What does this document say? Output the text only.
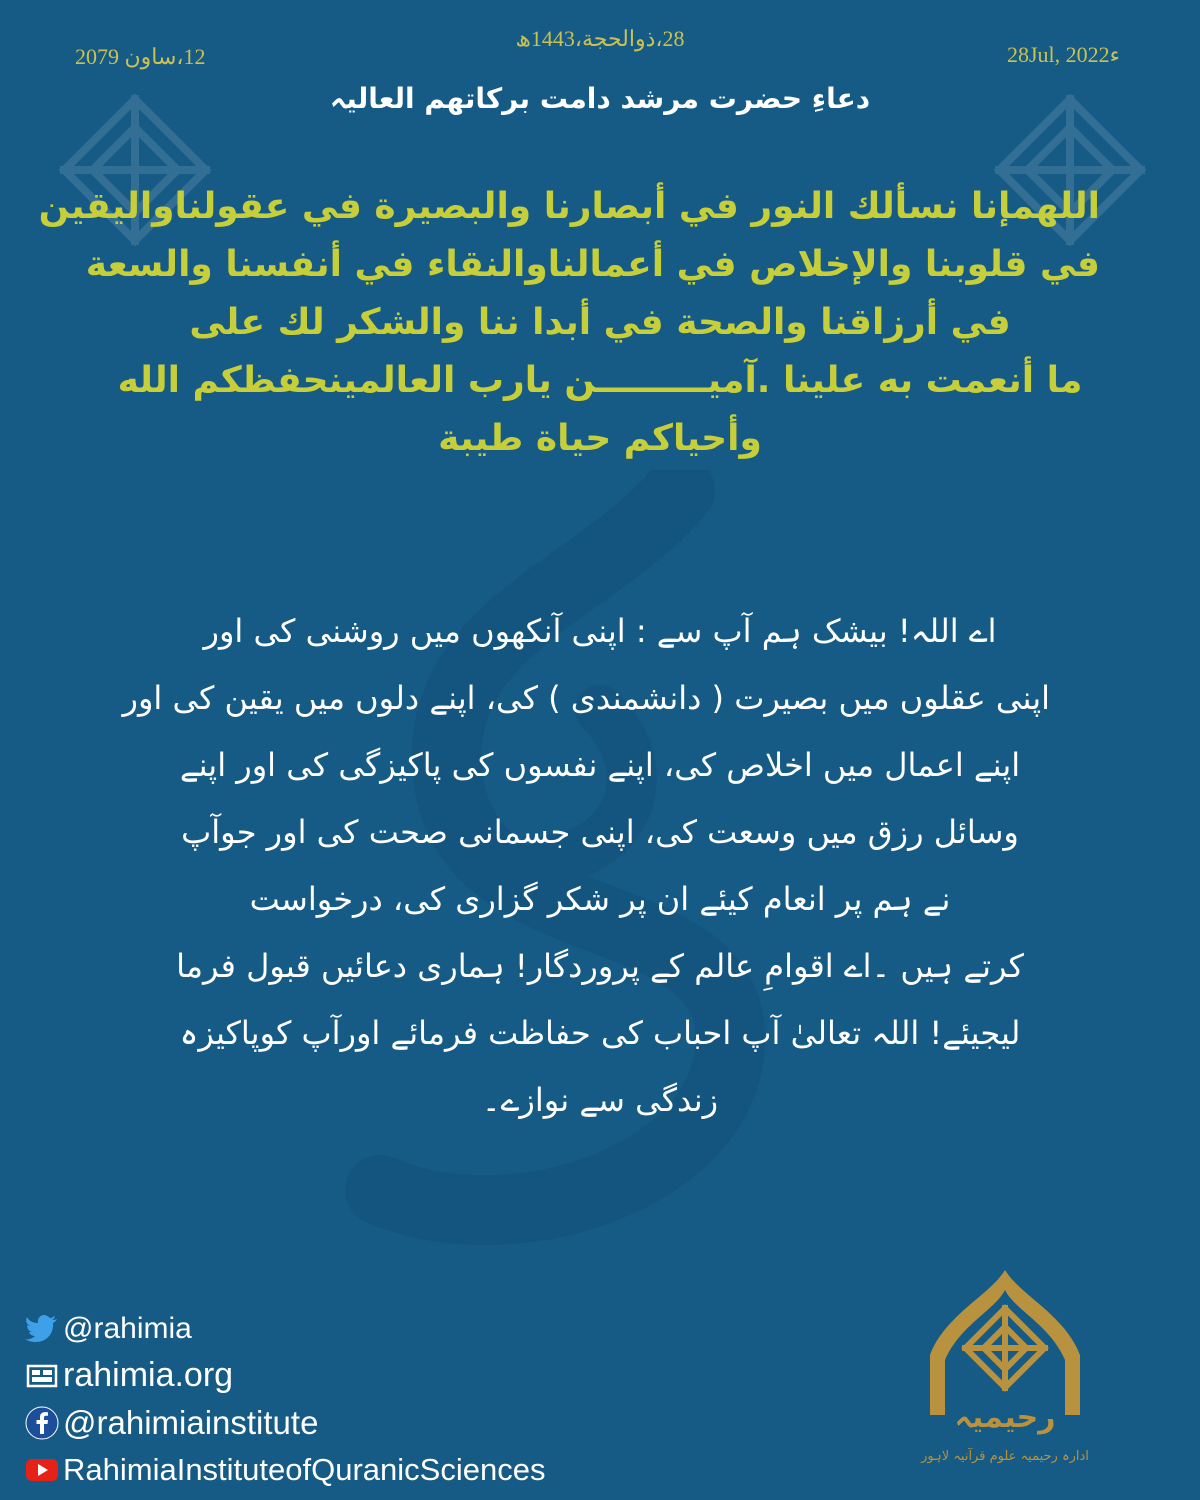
28،ذوالحجة،1443ھ
28Jul, 2022ء
12،ساون 2079
دعاءِ حضرت مرشد دامت برکاتھم العالیہ
اللھمإنا نسألك النور في أبصارنا والبصيرة في عقولناواليقين
في قلوبنا والإخلاص في أعمالناوالنقاء في أنفسنا والسعة
في أرزاقنا والصحة في أبدا ننا والشكر لك على
ما أنعمت به علينا .آميـــــــــن يارب العالمينحفظكم الله
وأحياكم حياة طيبة
اے اللہ! بیشک ہم آپ سے : اپنی آنکھوں میں روشنی کی اور
اپنی عقلوں میں بصیرت ( دانشمندی ) کی، اپنے دلوں میں یقین کی اور
اپنے اعمال میں اخلاص کی، اپنے نفسوں کی پاکیزگی کی اور اپنے
وسائل رزق میں وسعت کی، اپنی جسمانی صحت کی اور جوآپ
نے ہم پر انعام کیئے ان پر شکر گزاری کی، درخواست
کرتے ہیں ۔اے اقوامِ عالم کے پروردگار! ہماری دعائیں قبول فرما
لیجیئے! اللہ تعالیٰ آپ احباب کی حفاظت فرمائے اورآپ کوپاکیزہ
زندگی سے نوازے۔
@rahimia
rahimia.org
@rahimiainstitute
RahimiaInstituteofQuranicSciences
رحیمیہ
ادارہ رحیمیہ علوم قرآنیہ لاہور
